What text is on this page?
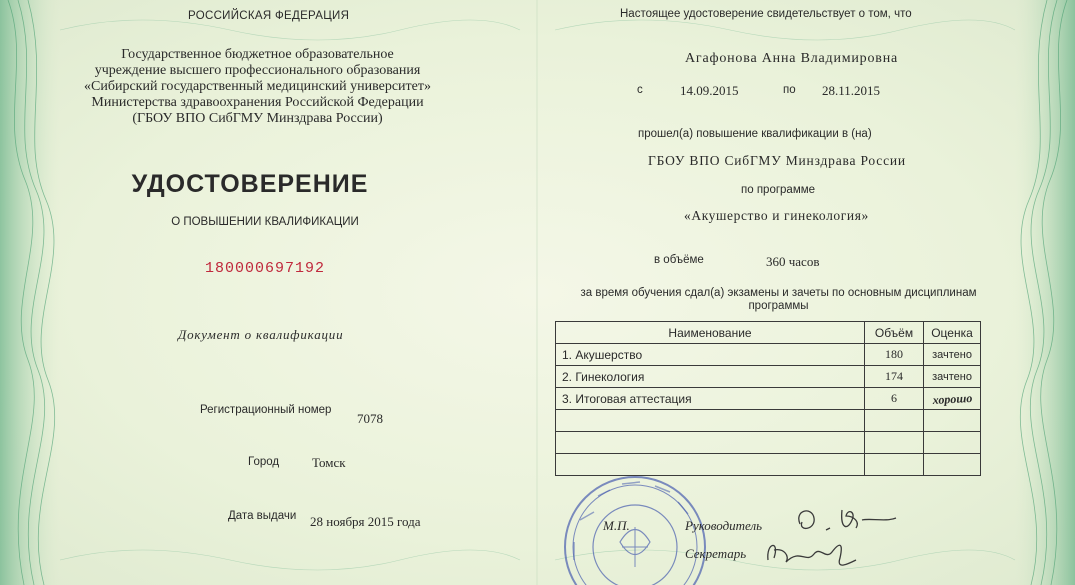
РОССИЙСКАЯ ФЕДЕРАЦИЯ
Государственное бюджетное образовательное
учреждение высшего профессионального образования
«Сибирский государственный медицинский университет»
Министерства здравоохранения Российской Федерации
(ГБОУ ВПО СибГМУ Минздрава России)
УДОСТОВЕРЕНИЕ
О ПОВЫШЕНИИ КВАЛИФИКАЦИИ
180000697192
Документ о квалификации
Регистрационный номер
7078
Город	Томск
Дата выдачи 28 ноября 2015 года
Настоящее удостоверение свидетельствует о том, что
Агафонова Анна Владимировна
с	14.09.2015	по 28.11.2015
прошел(а) повышение квалификации в (на)
ГБОУ ВПО СибГМУ Минздрава России
по программе
«Акушерство и гинекология»
в объёме	360 часов
за время обучения сдал(а) экзамены и зачеты по основным дисциплинам программы
Наименование	Объём	Оценка
1. Акушерство	180	зачтено
2. Гинекология	174	зачтено
3. Итоговая аттестация	6	хорошо

М.П.	Руководитель
Секретарь
